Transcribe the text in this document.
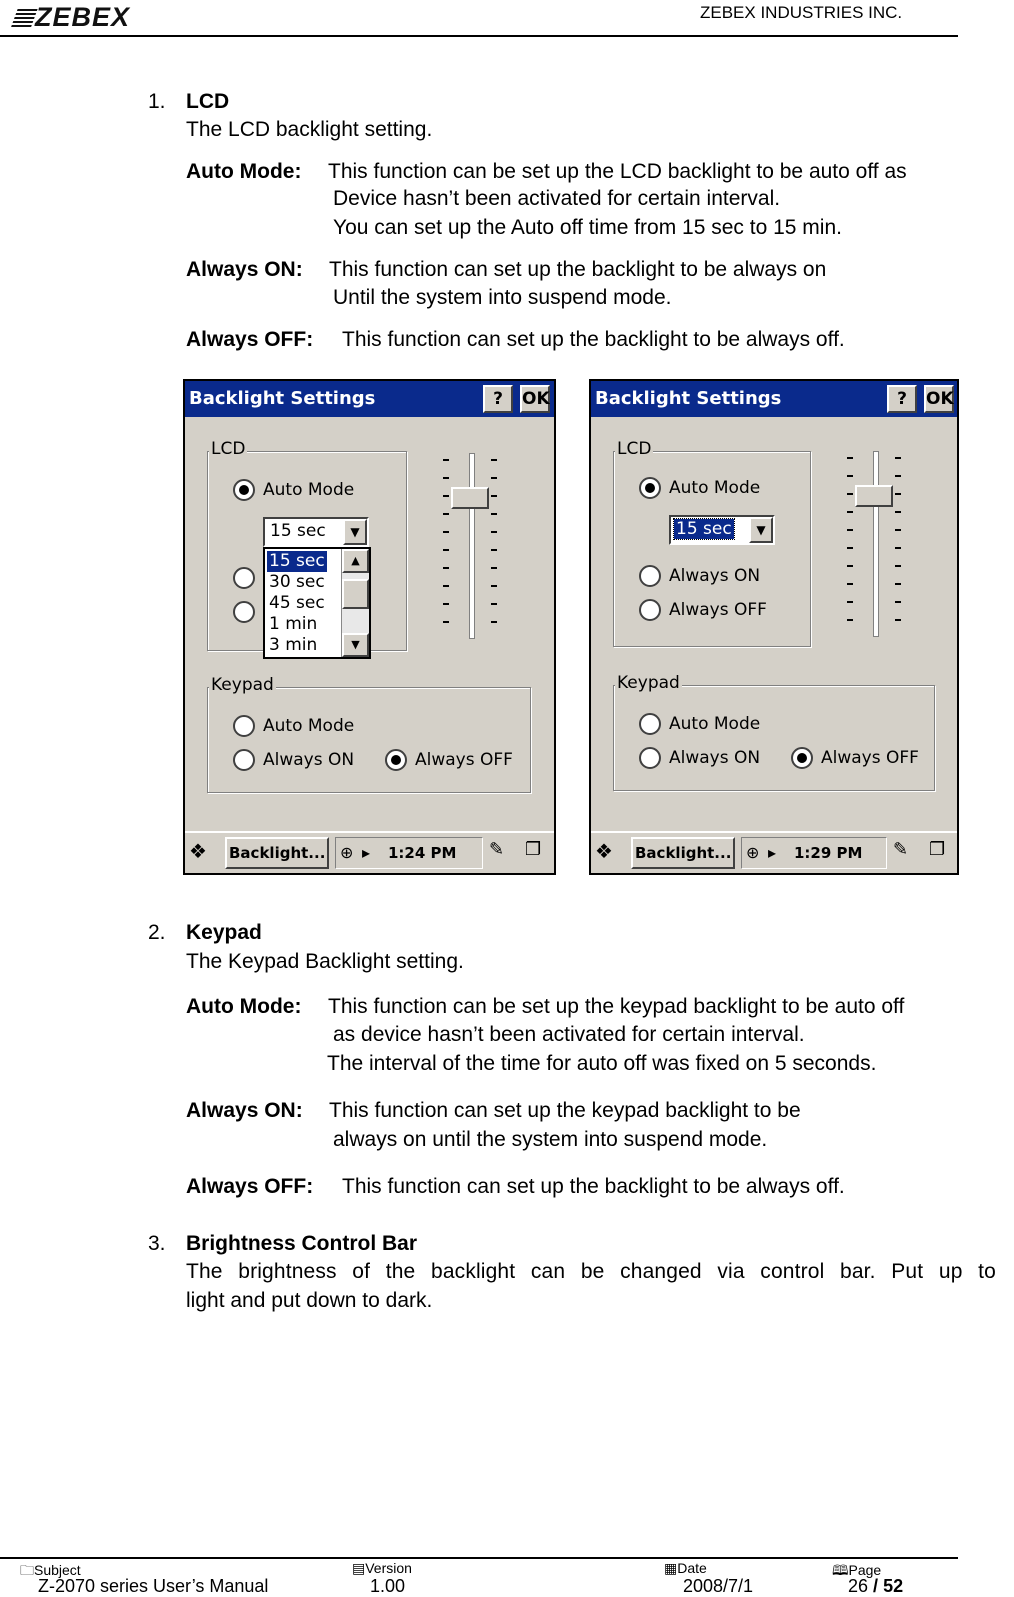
ZEBEX	ZEBEX INDUSTRIES INC.
1. LCD
The LCD backlight setting.
Auto Mode: This function can be set up the LCD backlight to be auto off as
Device hasn’t been activated for certain interval.
You can set up the Auto off time from 15 sec to 15 min.
Always ON: This function can set up the backlight to be always on
Until the system into suspend mode.
Always OFF: This function can set up the backlight to be always off.
Backlight Settings	?	OK
LCD
Auto Mode
15 sec	▼
15 sec
30 sec
45 sec
1 min
3 min
▲
▼
Keypad
Auto Mode
Always ON	Always OFF
❖ Backlight... ⊕ ▸ 1:24 PM ✎ ❐
Backlight Settings	?	OK
LCD
Auto Mode
15 sec	▼
Always ON
Always OFF
Keypad
Auto Mode
Always ON	Always OFF
❖ Backlight... ⊕ ▸ 1:29 PM ✎ ❐
2. Keypad
The Keypad Backlight setting.
Auto Mode: This function can be set up the keypad backlight to be auto off
as device hasn’t been activated for certain interval.
The interval of the time for auto off was fixed on 5 seconds.
Always ON: This function can set up the keypad backlight to be
always on until the system into suspend mode.
Always OFF: This function can set up the backlight to be always off.
3. Brightness Control Bar
The brightness of the backlight can be changed via control bar. Put up to
light and put down to dark.
🗀Subject	▤Version	▦Date	🕮Page
Z-2070 series User’s Manual	1.00	2008/7/1	26 / 52
